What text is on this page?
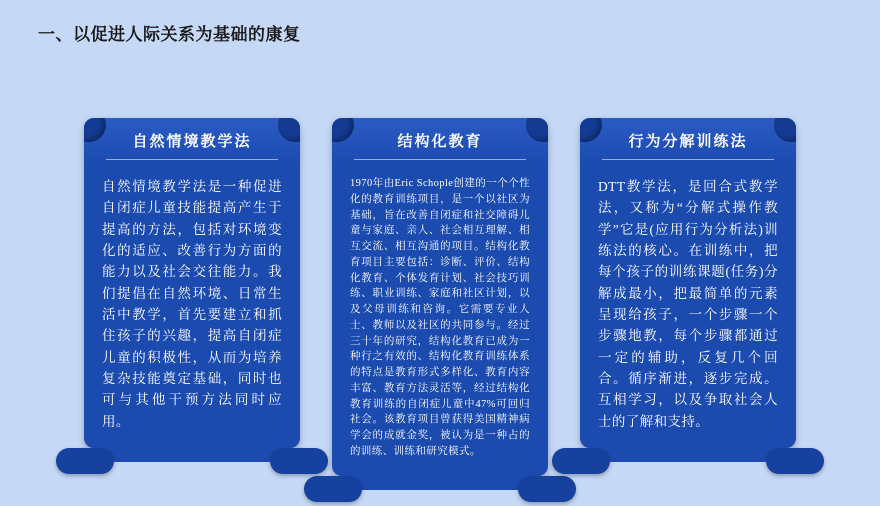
一、以促进人际关系为基础的康复
自然情境教学法
自然情境教学法是一种促进自闭症儿童技能提高产生于提高的方法，包括对环境变化的适应、改善行为方面的能力以及社会交往能力。我们提倡在自然环境、日常生活中教学，首先要建立和抓住孩子的兴趣，提高自闭症儿童的积极性，从而为培养复杂技能奠定基础，同时也可与其他干预方法同时应用。
结构化教育
1970年由Eric Schople创建的一个个性化的教育训练项目，是一个以社区为基础，旨在改善自闭症和社交障碍儿童与家庭、亲人、社会相互理解、相互交流、相互沟通的项目。结构化教育项目主要包括：诊断、评价、结构化教育、个体发育计划、社会技巧训练、职业训练、家庭和社区计划，以及父母训练和咨询。它需要专业人士、教师以及社区的共同参与。经过三十年的研究，结构化教育已成为一种行之有效的、结构化教育训练体系的特点是教育形式多样化、教育内容丰富、教育方法灵活等，经过结构化教育训练的自闭症儿童中47%可回归社会。该教育项目曾获得美国精神病学会的成就金奖，被认为是一种占的的训练、训练和研究模式。
行为分解训练法
DTT教学法，是回合式教学法，又称为“分解式操作教学”它是(应用行为分析法)训练法的核心。在训练中，把每个孩子的训练课题(任务)分解成最小，把最简单的元素呈现给孩子，一个步骤一个步骤地教，每个步骤都通过一定的辅助，反复几个回合。循序渐进，逐步完成。互相学习，以及争取社会人士的了解和支持。
